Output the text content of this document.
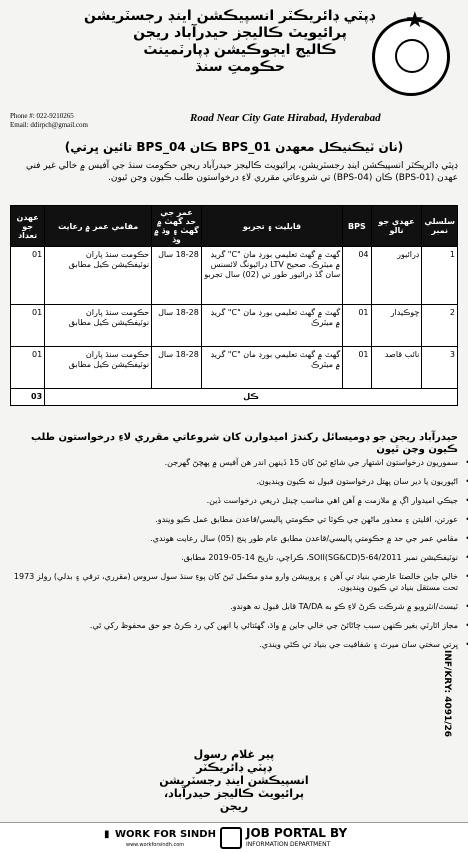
ڊپٽي ڊائريڪٽر انسپيڪشن اينڊ رجسٽريشن
پرائيويٽ ڪاليجز حيدرآباد ريجن
ڪاليج ايجوڪيشن ڊپارٽمينٽ
حڪومتِ سنڌ
★
Phone #: 022-9210265
Email: ddirpch@gmail.com
Road Near City Gate Hirabad, Hyderabad
(نان ٽيڪنيڪل معهدن 01_BPS ڪان 04_BPS تائين ڀرتي)
ڊپٽي ڊائريڪٽر انسپيڪشن اينڊ رجسٽريشن، پرائيويٽ ڪاليجز حيدرآباد ريجن حڪومت سنڌ جي آفيس ۾ خالي غير فني عهدن (BPS-01) ڪان (BPS-04) تي شروعاتي مقرري لاءِ درخواستون طلب ڪيون وڃن ٿيون.
سلسلي نمبر	عهدي جو نالو	BPS	قابليت ۽ تجربو	عمر جي حد گهٽ ۾ گهٽ ۽ وڌ ۾ وڌ	مقامي عمر ۾ رعايت	عهدن جو تعداد
1	ڊرائيور	04	گهٽ ۾ گهٽ تعليمي بورڊ مان "C" گريڊ ۾ ميٽرڪ. صحيح LTV ڊرائيونگ لائسنس سان گڏ ڊرائيور طور تي (02) سال تجربو	18-28 سال	حڪومت سنڌ پاران نوٽيفڪيشن ڪيل مطابق	01
2	چوڪيدار	01	گهٽ ۾ گهٽ تعليمي بورڊ مان "C" گريڊ ۾ ميٽرڪ	18-28 سال	حڪومت سنڌ پاران نوٽيفڪيشن ڪيل مطابق	01
3	نائب قاصد	01	گهٽ ۾ گهٽ تعليمي بورڊ مان "C" گريڊ ۾ ميٽرڪ	18-28 سال	حڪومت سنڌ پاران نوٽيفڪيشن ڪيل مطابق	01
ڪل						03
حيدرآباد ريجن جو ڊوميسائل رکندڙ اميدوارن کان شروعاتي مقرري لاءِ درخواستون طلب ڪيون وڃن ٿيون
• سموريون درخواستون اشتهار جي شائع ٿيڻ کان 15 ڏينهن اندر هن آفيس ۾ پهچڻ گهرجن.
• اڻپوريون يا دير سان پهتل درخواستون قبول نه ڪيون وينديون.
• جيڪي اميدوار اڳ ۾ ملازمت ۾ آهن اهي مناسب چينل ذريعي درخواست ڏين.
• عورتن، اقليتن ۽ معذور ماڻهن جي ڪوٽا تي حڪومتي پاليسي/قاعدن مطابق عمل ڪيو ويندو.
• مقامي عمر جي حد ۾ حڪومتي پاليسي/قاعدن مطابق عام طور پنج (05) سال رعايت هوندي.
• نوٽيفڪيشن نمبر SOII(SG&CD)5-64/2011، ڪراچي، تاريخ 14-05-2019 مطابق.
• خالي جاين خالصتا عارضي بنياد تي آهن ۽ پروبيشن وارو مدو مڪمل ٿيڻ کان پوءِ سنڌ سول سروس (مقرري، ترقي ۽ بدلي) رولز 1973 تحت مستقل بنياد تي ڪيون وينديون.
• ٽيسٽ/انٽرويو ۾ شرڪت ڪرڻ لاءِ ڪو به TA/DA قابل قبول نه هوندو.
• مجاز اٿارٽي بغير ڪنهن سبب ڄاڻائڻ جي خالي جاين ۾ واڌ، گهٽتائي يا انهن کي رد ڪرڻ جو حق محفوظ رکي ٿي.
• ڀرتي سختي سان ميرٽ ۽ شفافيت جي بنياد تي ڪئي ويندي.
پير غلام رسول
ڊپٽي ڊائريڪٽر
انسپيڪشن اينڊ رجسٽريشن
پرائيويٽ ڪاليجز حيدرآباد،
ريجن
INF/KRY: 4091/26
▮ WORK FOR SINDH
www.workforsindh.com
JOB PORTAL BY
INFORMATION DEPARTMENT
